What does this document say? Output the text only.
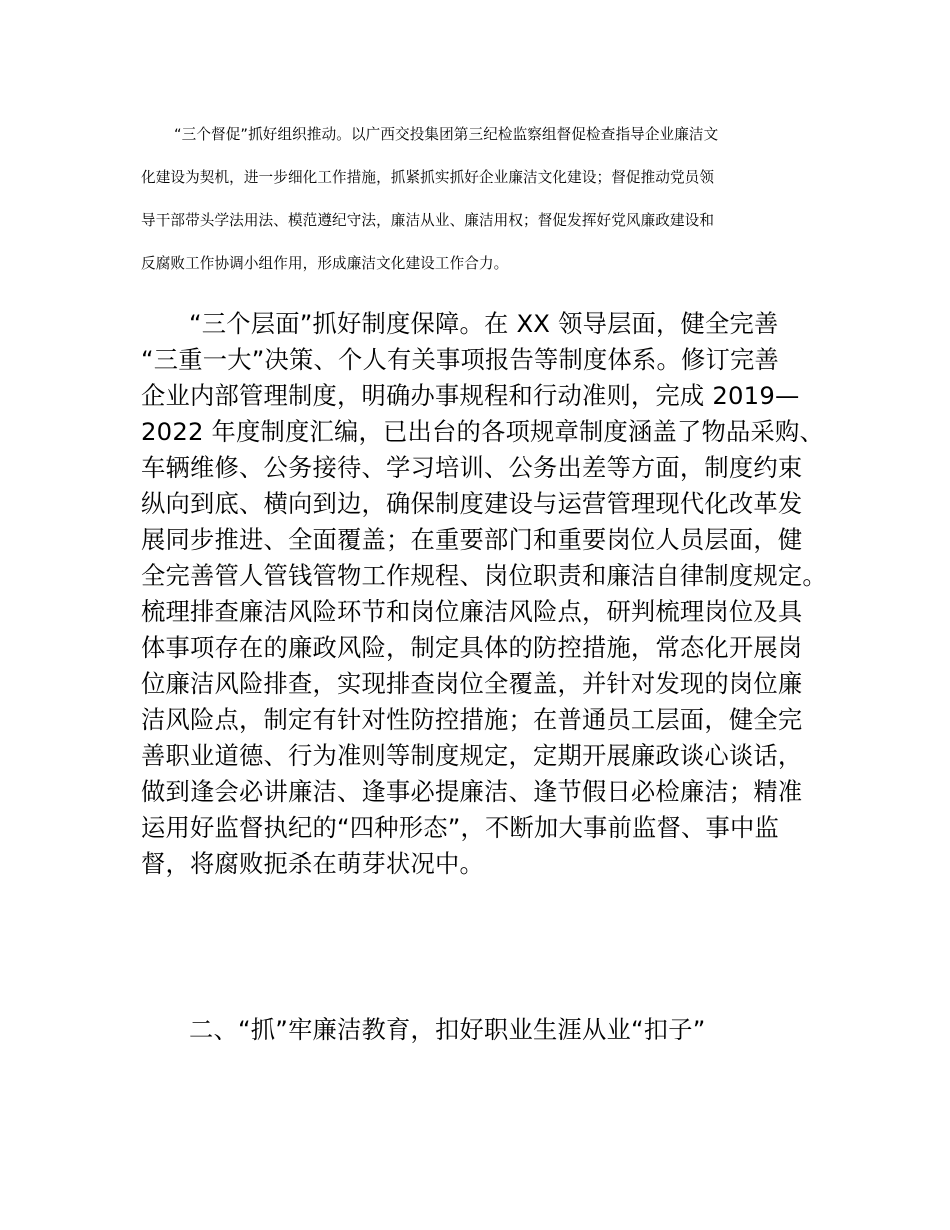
“三个督促”抓好组织推动。以广西交投集团第三纪检监察组督促检查指导企业廉洁文
化建设为契机，进一步细化工作措施，抓紧抓实抓好企业廉洁文化建设；督促推动党员领
导干部带头学法用法、模范遵纪守法，廉洁从业、廉洁用权；督促发挥好党风廉政建设和
反腐败工作协调小组作用，形成廉洁文化建设工作合力。
“三个层面”抓好制度保障。在 XX 领导层面，健全完善
“三重一大”决策、个人有关事项报告等制度体系。修订完善
企业内部管理制度，明确办事规程和行动准则，完成 2019—
2022 年度制度汇编，已出台的各项规章制度涵盖了物品采购、
车辆维修、公务接待、学习培训、公务出差等方面，制度约束
纵向到底、横向到边，确保制度建设与运营管理现代化改革发
展同步推进、全面覆盖；在重要部门和重要岗位人员层面，健
全完善管人管钱管物工作规程、岗位职责和廉洁自律制度规定。
梳理排查廉洁风险环节和岗位廉洁风险点，研判梳理岗位及具
体事项存在的廉政风险，制定具体的防控措施，常态化开展岗
位廉洁风险排查，实现排查岗位全覆盖，并针对发现的岗位廉
洁风险点，制定有针对性防控措施；在普通员工层面，健全完
善职业道德、行为准则等制度规定，定期开展廉政谈心谈话，
做到逢会必讲廉洁、逢事必提廉洁、逢节假日必检廉洁；精准
运用好监督执纪的“四种形态”，不断加大事前监督、事中监
督，将腐败扼杀在萌芽状况中。
二、“抓”牢廉洁教育，扣好职业生涯从业“扣子”
